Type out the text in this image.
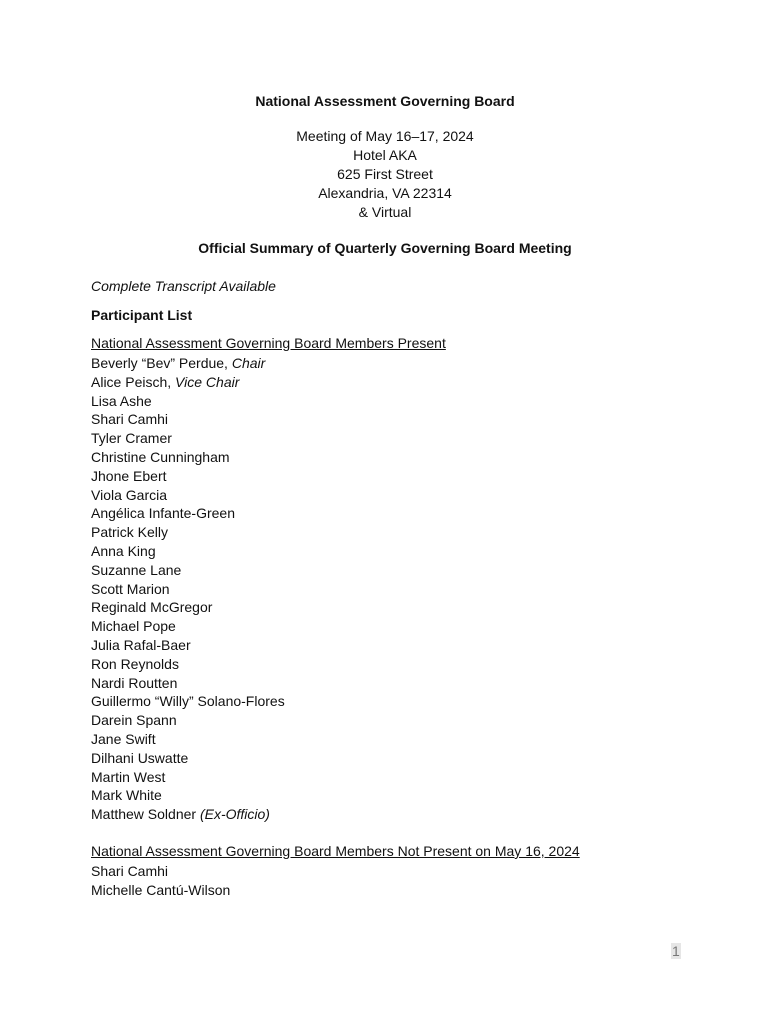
National Assessment Governing Board
Meeting of May 16–17, 2024
Hotel AKA
625 First Street
Alexandria, VA 22314
& Virtual
Official Summary of Quarterly Governing Board Meeting
Complete Transcript Available
Participant List
National Assessment Governing Board Members Present
Beverly “Bev” Perdue, Chair
Alice Peisch, Vice Chair
Lisa Ashe
Shari Camhi
Tyler Cramer
Christine Cunningham
Jhone Ebert
Viola Garcia
Angélica Infante-Green
Patrick Kelly
Anna King
Suzanne Lane
Scott Marion
Reginald McGregor
Michael Pope
Julia Rafal-Baer
Ron Reynolds
Nardi Routten
Guillermo “Willy” Solano-Flores
Darein Spann
Jane Swift
Dilhani Uswatte
Martin West
Mark White
Matthew Soldner (Ex-Officio)
National Assessment Governing Board Members Not Present on May 16, 2024
Shari Camhi
Michelle Cantú-Wilson
1
